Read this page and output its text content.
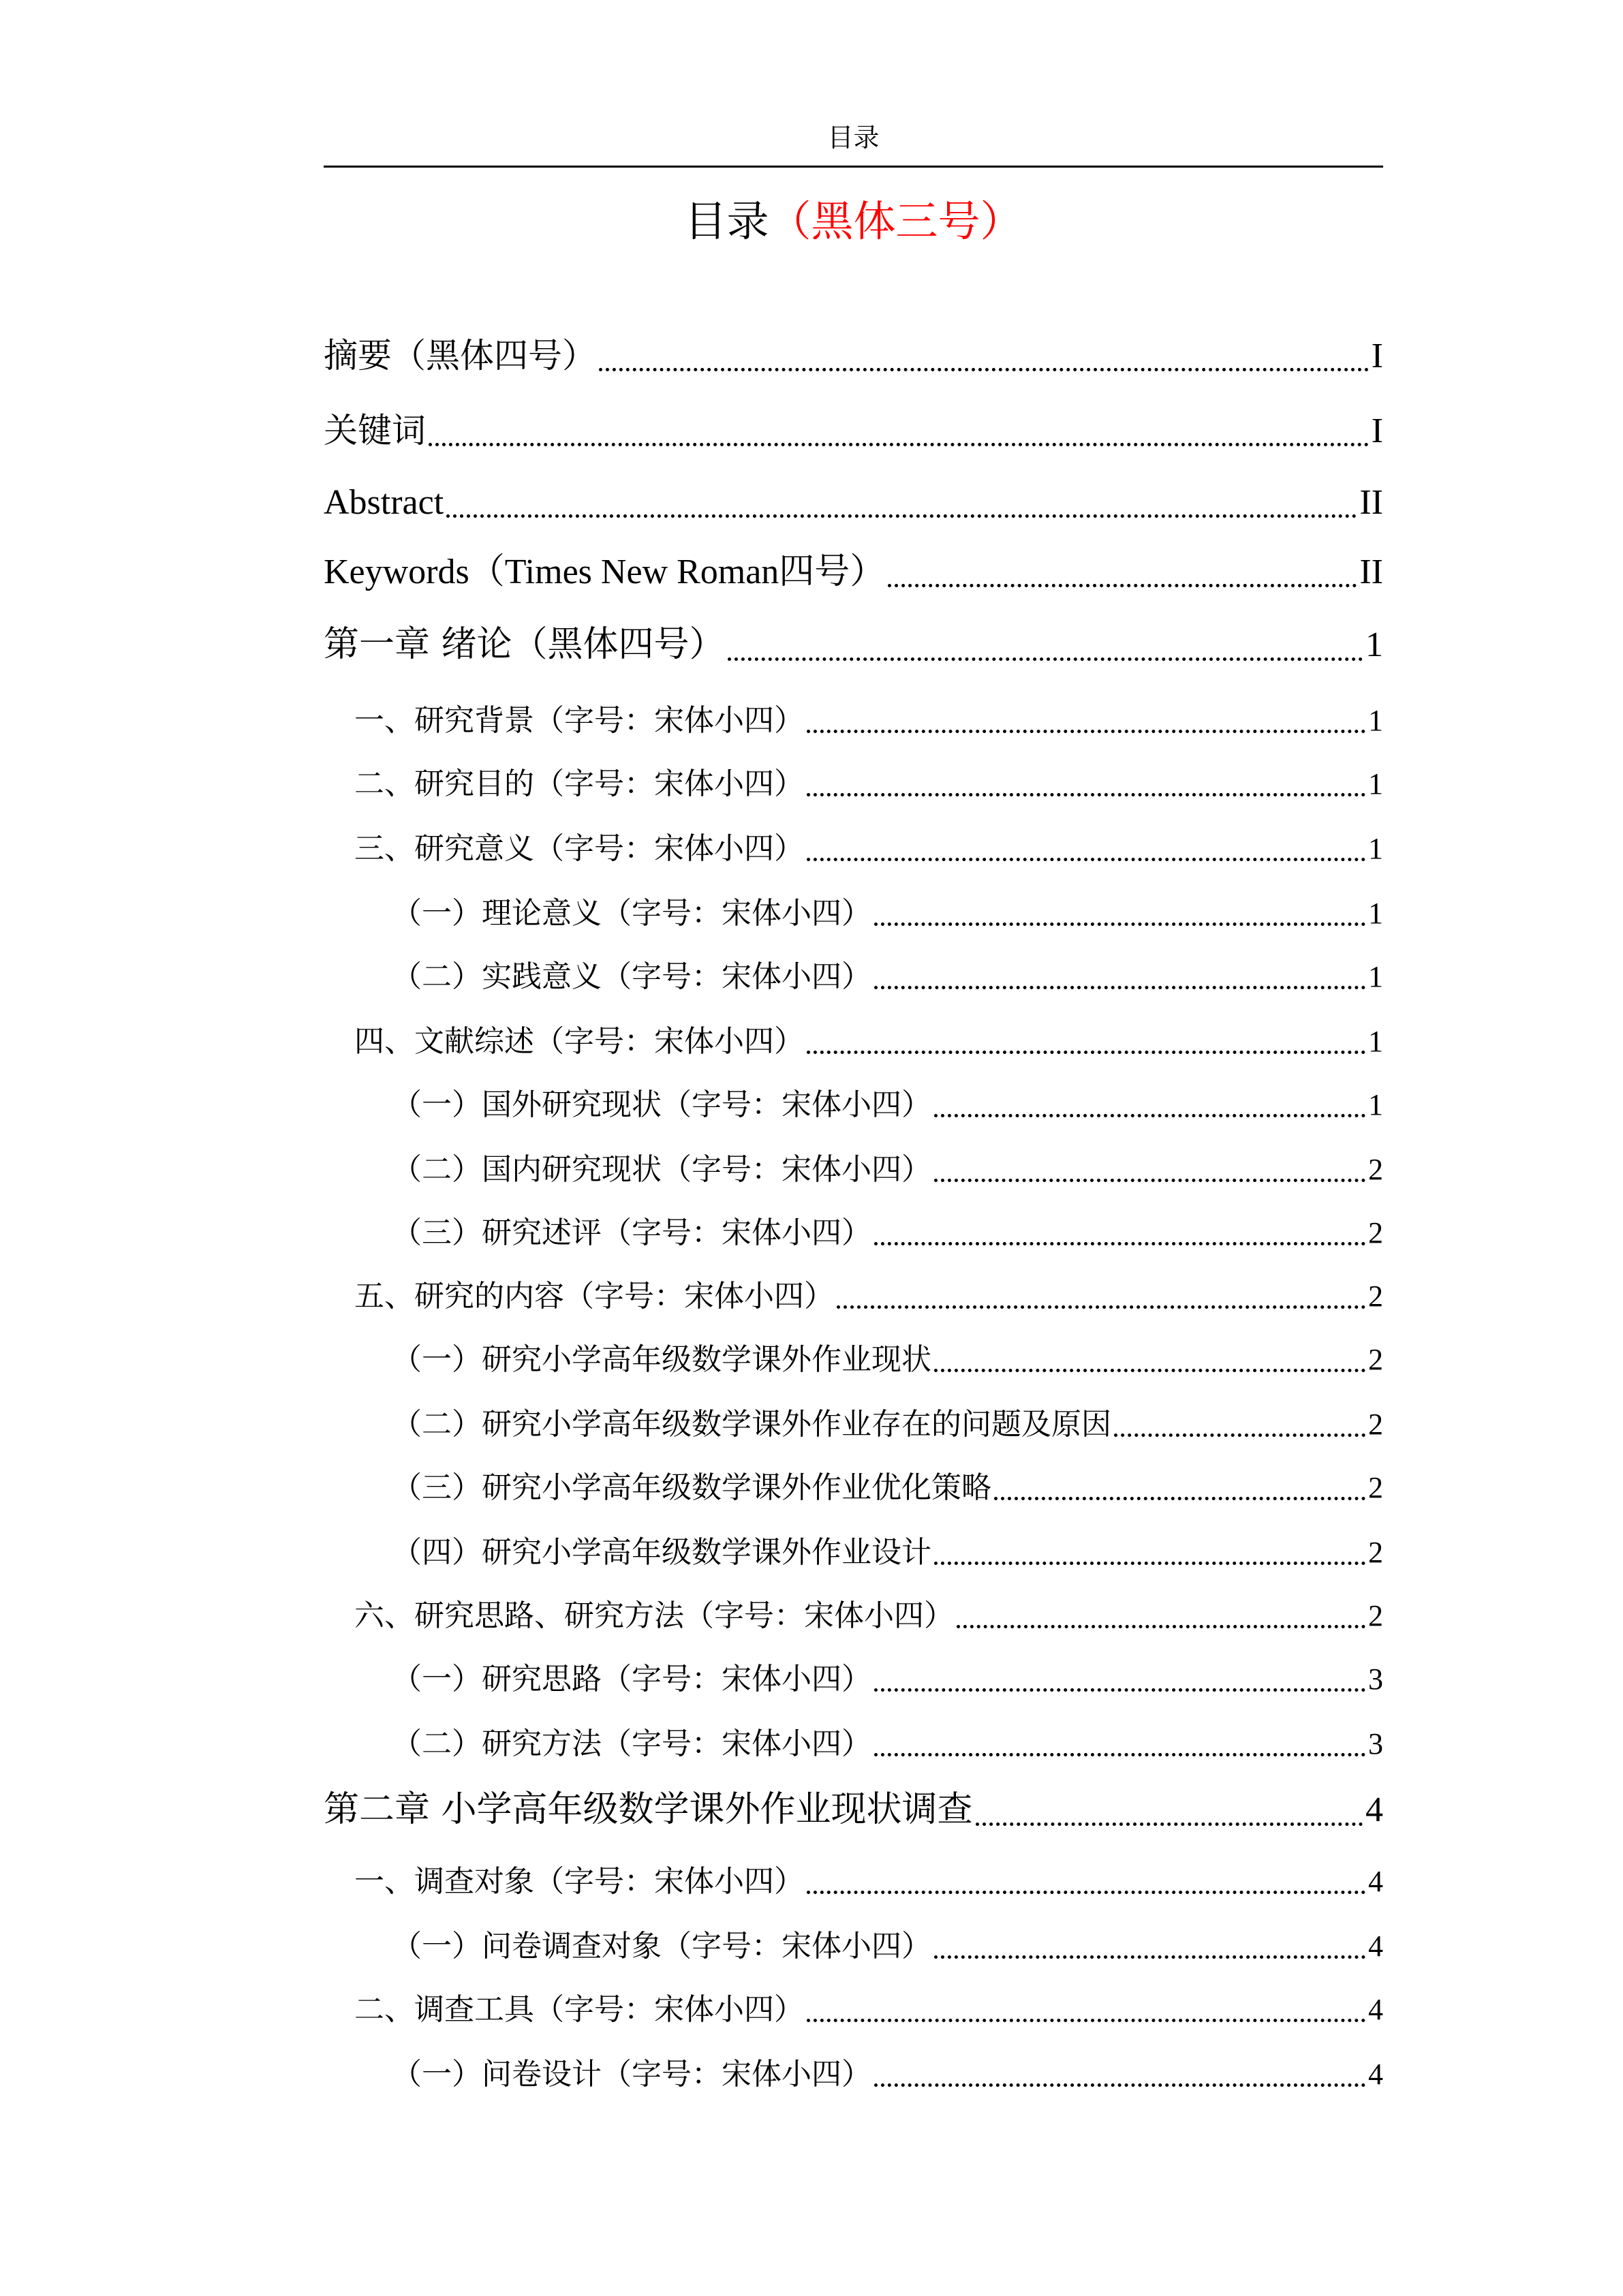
目录
目录（黑体三号）
摘要（黑体四号）	I
关键词	I
Abstract	II
Keywords（Times New Roman四号）	II
第一章 绪论（黑体四号）	1
一、研究背景（字号：宋体小四）	1
二、研究目的（字号：宋体小四）	1
三、研究意义（字号：宋体小四）	1
（一）理论意义（字号：宋体小四）	1
（二）实践意义（字号：宋体小四）	1
四、文献综述（字号：宋体小四）	1
（一）国外研究现状（字号：宋体小四）	1
（二）国内研究现状（字号：宋体小四）	2
（三）研究述评（字号：宋体小四）	2
五、研究的内容（字号：宋体小四）	2
（一）研究小学高年级数学课外作业现状	2
（二）研究小学高年级数学课外作业存在的问题及原因	2
（三）研究小学高年级数学课外作业优化策略	2
（四）研究小学高年级数学课外作业设计	2
六、研究思路、研究方法（字号：宋体小四）	2
（一）研究思路（字号：宋体小四）	3
（二）研究方法（字号：宋体小四）	3
第二章 小学高年级数学课外作业现状调查	4
一、调查对象（字号：宋体小四）	4
（一）问卷调查对象（字号：宋体小四）	4
二、调查工具（字号：宋体小四）	4
（一）问卷设计（字号：宋体小四）	4
